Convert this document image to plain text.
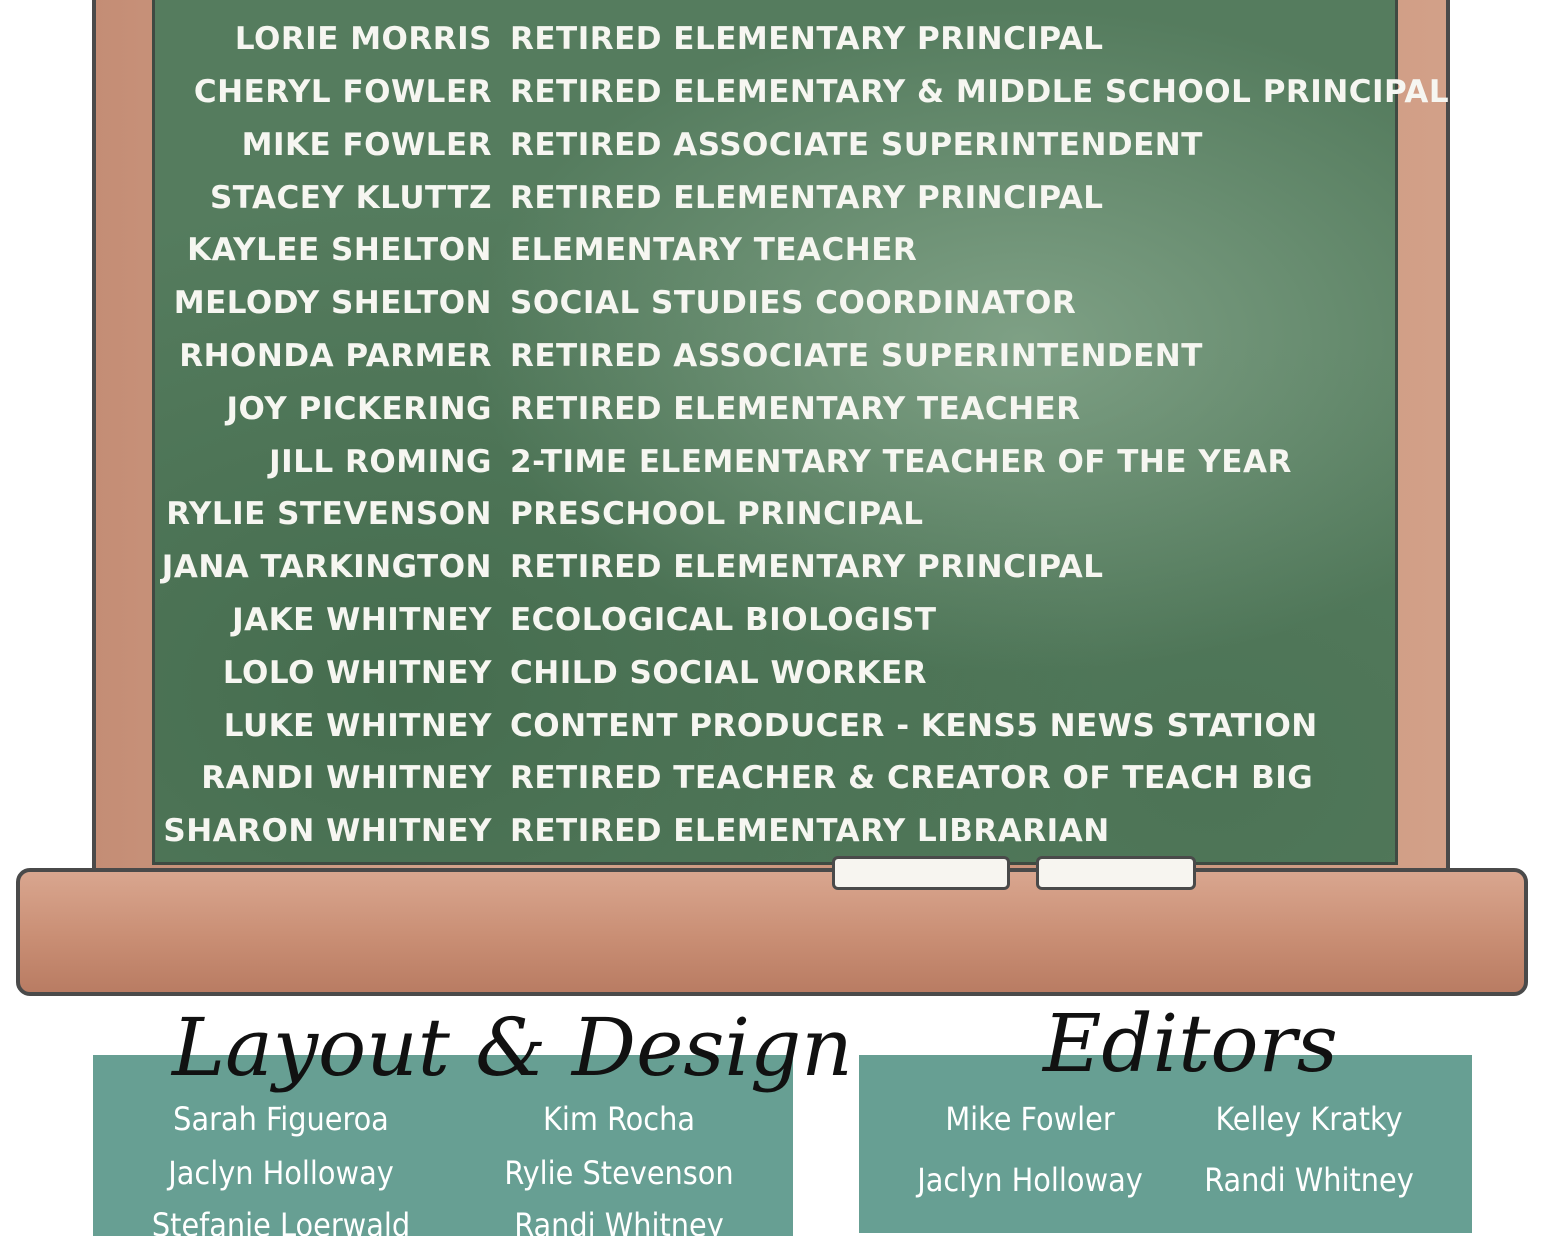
LORIE MORRIS RETIRED ELEMENTARY PRINCIPAL
CHERYL FOWLER RETIRED ELEMENTARY & MIDDLE SCHOOL PRINCIPAL
MIKE FOWLER RETIRED ASSOCIATE SUPERINTENDENT
STACEY KLUTTZ RETIRED ELEMENTARY PRINCIPAL
KAYLEE SHELTON ELEMENTARY TEACHER
MELODY SHELTON SOCIAL STUDIES COORDINATOR
RHONDA PARMER RETIRED ASSOCIATE SUPERINTENDENT
JOY PICKERING RETIRED ELEMENTARY TEACHER
JILL ROMING 2-TIME ELEMENTARY TEACHER OF THE YEAR
RYLIE STEVENSON PRESCHOOL PRINCIPAL
JANA TARKINGTON RETIRED ELEMENTARY PRINCIPAL
JAKE WHITNEY ECOLOGICAL BIOLOGIST
LOLO WHITNEY CHILD SOCIAL WORKER
LUKE WHITNEY CONTENT PRODUCER - KENS5 NEWS STATION
RANDI WHITNEY RETIRED TEACHER & CREATOR OF TEACH BIG
SHARON WHITNEY RETIRED ELEMENTARY LIBRARIAN
Layout & Design
Sarah Figueroa	Kim Rocha
Jaclyn Holloway	Rylie Stevenson
Stefanie Loerwald	Randi Whitney
Editors
Mike Fowler	Kelley Kratky
Jaclyn Holloway	Randi Whitney
